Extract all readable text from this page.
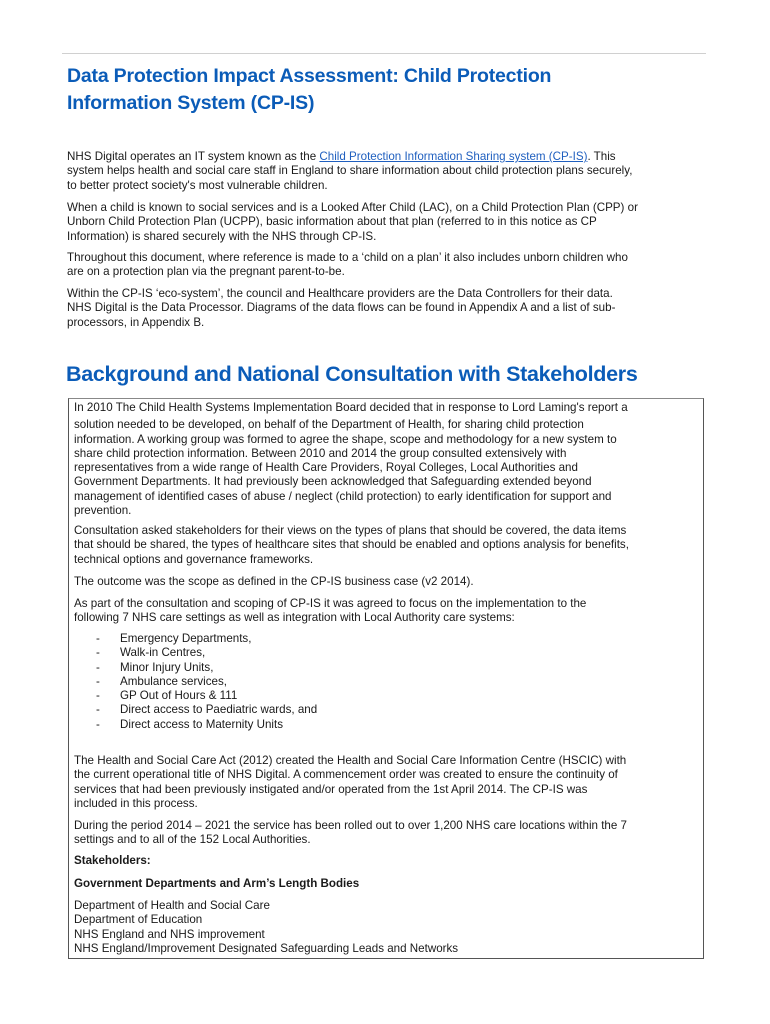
Data Protection Impact Assessment: Child Protection
Information System (CP-IS)
NHS Digital operates an IT system known as the Child Protection Information Sharing system (CP-IS). This
system helps health and social care staff in England to share information about child protection plans securely,
to better protect society's most vulnerable children.
When a child is known to social services and is a Looked After Child (LAC), on a Child Protection Plan (CPP) or
Unborn Child Protection Plan (UCPP), basic information about that plan (referred to in this notice as CP
Information) is shared securely with the NHS through CP-IS.
Throughout this document, where reference is made to a ‘child on a plan’ it also includes unborn children who
are on a protection plan via the pregnant parent-to-be.
Within the CP-IS ‘eco-system’, the council and Healthcare providers are the Data Controllers for their data.
NHS Digital is the Data Processor. Diagrams of the data flows can be found in Appendix A and a list of sub-
processors, in Appendix B.
Background and National Consultation with Stakeholders
In 2010 The Child Health Systems Implementation Board decided that in response to Lord Laming's report a
solution needed to be developed, on behalf of the Department of Health, for sharing child protection
information. A working group was formed to agree the shape, scope and methodology for a new system to
share child protection information. Between 2010 and 2014 the group consulted extensively with
representatives from a wide range of Health Care Providers, Royal Colleges, Local Authorities and
Government Departments. It had previously been acknowledged that Safeguarding extended beyond
management of identified cases of abuse / neglect (child protection) to early identification for support and
prevention.
Consultation asked stakeholders for their views on the types of plans that should be covered, the data items
that should be shared, the types of healthcare sites that should be enabled and options analysis for benefits,
technical options and governance frameworks.
The outcome was the scope as defined in the CP-IS business case (v2 2014).
As part of the consultation and scoping of CP-IS it was agreed to focus on the implementation to the
following 7 NHS care settings as well as integration with Local Authority care systems:
-	Emergency Departments,
-	Walk-in Centres,
-	Minor Injury Units,
-	Ambulance services,
-	GP Out of Hours & 111
-	Direct access to Paediatric wards, and
-	Direct access to Maternity Units
The Health and Social Care Act (2012) created the Health and Social Care Information Centre (HSCIC) with
the current operational title of NHS Digital. A commencement order was created to ensure the continuity of
services that had been previously instigated and/or operated from the 1st April 2014. The CP-IS was
included in this process.
During the period 2014 – 2021 the service has been rolled out to over 1,200 NHS care locations within the 7
settings and to all of the 152 Local Authorities.
Stakeholders:
Government Departments and Arm’s Length Bodies
Department of Health and Social Care
Department of Education
NHS England and NHS improvement
NHS England/Improvement Designated Safeguarding Leads and Networks
